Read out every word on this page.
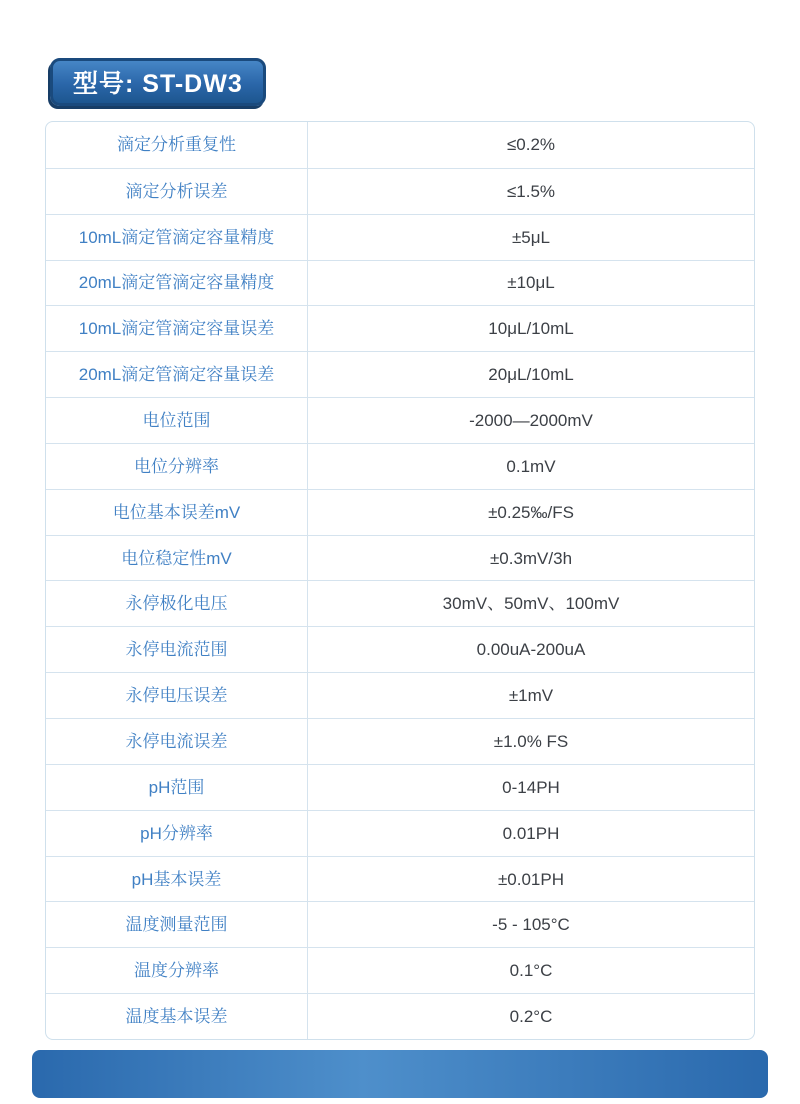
型号: ST-DW3
滴定分析重复性	≤0.2%
滴定分析误差	≤1.5%
10mL滴定管滴定容量精度	±5μL
20mL滴定管滴定容量精度	±10μL
10mL滴定管滴定容量误差	10μL/10mL
20mL滴定管滴定容量误差	20μL/10mL
电位范围	-2000—2000mV
电位分辨率	0.1mV
电位基本误差mV	±0.25‰/FS
电位稳定性mV	±0.3mV/3h
永停极化电压	30mV、50mV、100mV
永停电流范围	0.00uA-200uA
永停电压误差	±1mV
永停电流误差	±1.0% FS
pH范围	0-14PH
pH分辨率	0.01PH
pH基本误差	±0.01PH
温度测量范围	-5 - 105°C
温度分辨率	0.1°C
温度基本误差	0.2°C
